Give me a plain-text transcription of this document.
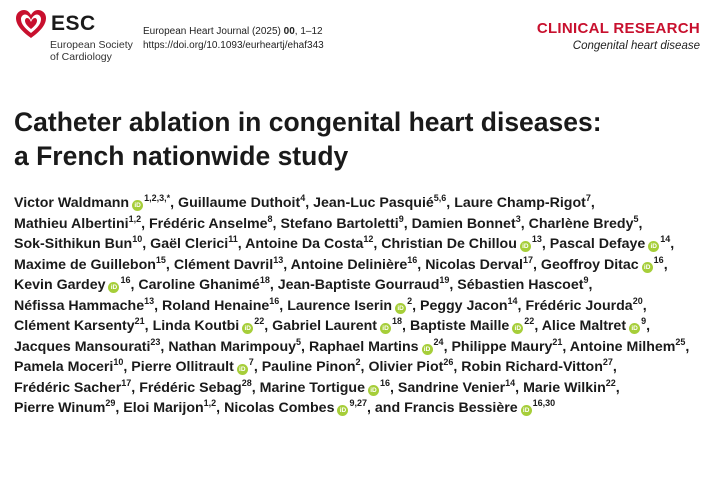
ESC
European Society
of Cardiology
European Heart Journal (2025) 00, 1–12
https://doi.org/10.1093/eurheartj/ehaf343
CLINICAL RESEARCH
Congenital heart disease
Catheter ablation in congenital heart diseases:
a French nationwide study
Victor Waldmann $iD^{1,2,3,*}$, Guillaume Duthoit$^4$, Jean-Luc Pasquié$^{5,6}$, Laure Champ-Rigot$^7$, Mathieu Albertini$^{1,2}$, Frédéric Anselme$^8$, Stefano Bartoletti$^9$, Damien Bonnet$^3$, Charlène Bredy$^5$, Sok-Sithikun Bun$^{10}$, Gaël Clerici$^{11}$, Antoine Da Costa$^{12}$, Christian De Chillou $iD^{13}$, Pascal Defaye $iD^{14}$, Maxime de Guillebon$^{15}$, Clément Davril$^{13}$, Antoine Delinière$^{16}$, Nicolas Derval$^{17}$, Geoffroy Ditac $iD^{16}$, Kevin Gardey $iD^{16}$, Caroline Ghanimé$^{18}$, Jean-Baptiste Gourraud$^{19}$, Sébastien Hascoet$^9$, Néfissa Hammache$^{13}$, Roland Henaine$^{16}$, Laurence Iserin $iD^2$, Peggy Jacon$^{14}$, Frédéric Jourda$^{20}$, Clément Karsenty$^{21}$, Linda Koutbi $iD^{22}$, Gabriel Laurent $iD^{18}$, Baptiste Maille $iD^{22}$, Alice Maltret $iD^9$, Jacques Mansourati$^{23}$, Nathan Marimpouy$^5$, Raphael Martins $iD^{24}$, Philippe Maury$^{21}$, Antoine Milhem$^{25}$, Pamela Moceri$^{10}$, Pierre Ollitrault $iD^7$, Pauline Pinon$^2$, Olivier Piot$^{26}$, Robin Richard-Vitton$^{27}$, Frédéric Sacher$^{17}$, Frédéric Sebag$^{28}$, Marine Tortigue $iD^{16}$, Sandrine Venier$^{14}$, Marie Wilkin$^{22}$, Pierre Winum$^{29}$, Eloi Marijon$^{1,2}$, Nicolas Combes iD$^{9,27}$, and Francis Bessière iD$^{16,30}$
